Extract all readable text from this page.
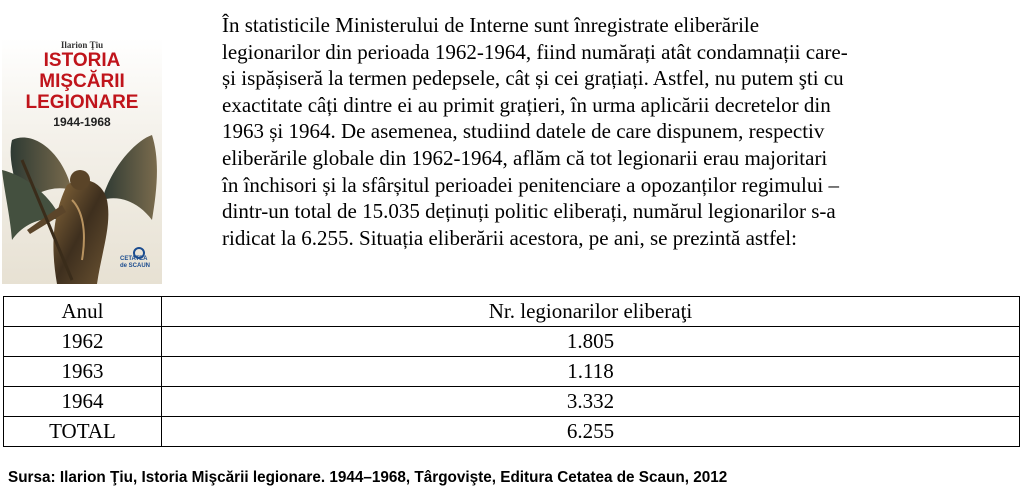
Ilarion Ţiu
ISTORIA
MIŞCĂRII
LEGIONARE
1944-1968
CETATEA
de SCAUN
În statisticile Ministerului de Interne sunt înregistrate eliberările
legionarilor din perioada 1962-1964, fiind numărați atât condamnații care-
și ispășiseră la termen pedepsele, cât și cei grațiați. Astfel, nu putem şti cu
exactitate câți dintre ei au primit grațieri, în urma aplicării decretelor din
1963 și 1964. De asemenea, studiind datele de care dispunem, respectiv
eliberările globale din 1962-1964, aflăm că tot legionarii erau majoritari
în închisori și la sfârșitul perioadei penitenciare a opozanților regimului –
dintr-un total de 15.035 deținuți politic eliberați, numărul legionarilor s-a
ridicat la 6.255. Situația eliberării acestora, pe ani, se prezintă astfel:
Anul	Nr. legionarilor eliberaţi
1962	1.805
1963	1.118
1964	3.332
TOTAL	6.255
Sursa: Ilarion Ţiu, Istoria Mişcării legionare. 1944–1968, Târgovişte, Editura Cetatea de Scaun, 2012
